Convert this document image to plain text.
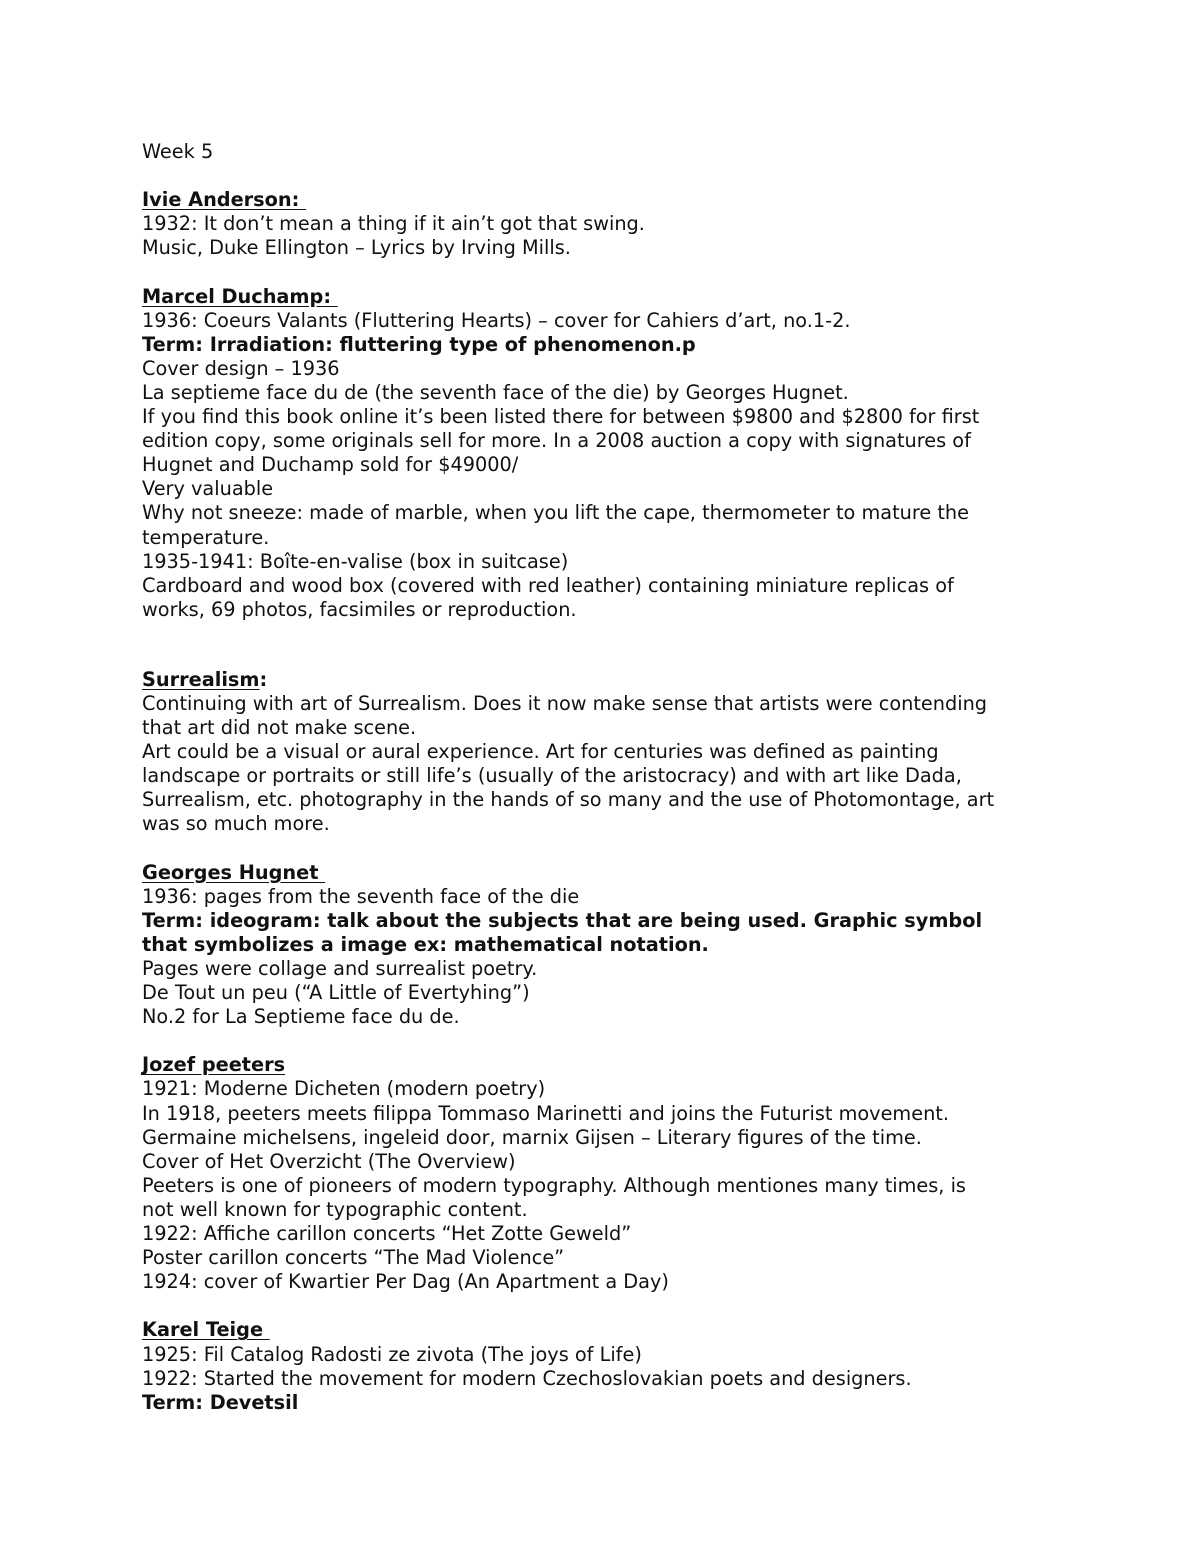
Week 5

Ivie Anderson:

1932: It don’t mean a thing if it ain’t got that swing.

Music, Duke Ellington – Lyrics by Irving Mills.

Marcel Duchamp:

1936: Coeurs Valants (Fluttering Hearts) – cover for Cahiers d’art, no.1-2.

Term: Irradiation: fluttering type of phenomenon.p

Cover design – 1936

La septieme face du de (the seventh face of the die) by Georges Hugnet.

If you find this book online it’s been listed there for between $9800 and $2800 for first

edition copy, some originals sell for more. In a 2008 auction a copy with signatures of

Hugnet and Duchamp sold for $49000/

Very valuable

Why not sneeze: made of marble, when you lift the cape, thermometer to mature the

temperature.

1935-1941: Boîte-en-valise (box in suitcase)

Cardboard and wood box (covered with red leather) containing miniature replicas of

works, 69 photos, facsimiles or reproduction.

Surrealism:

Continuing with art of Surrealism. Does it now make sense that artists were contending

that art did not make scene.

Art could be a visual or aural experience. Art for centuries was defined as painting

landscape or portraits or still life’s (usually of the aristocracy) and with art like Dada,

Surrealism, etc. photography in the hands of so many and the use of Photomontage, art

was so much more.

Georges Hugnet

1936: pages from the seventh face of the die

Term: ideogram: talk about the subjects that are being used. Graphic symbol

that symbolizes a image ex: mathematical notation.

Pages were collage and surrealist poetry.

De Tout un peu (“A Little of Evertyhing”)

No.2 for La Septieme face du de.

Jozef peeters

1921: Moderne Dicheten (modern poetry)

In 1918, peeters meets filippa Tommaso Marinetti and joins the Futurist movement.

Germaine michelsens, ingeleid door, marnix Gijsen – Literary figures of the time.

Cover of Het Overzicht (The Overview)

Peeters is one of pioneers of modern typography. Although mentiones many times, is

not well known for typographic content.

1922: Affiche carillon concerts “Het Zotte Geweld”

Poster carillon concerts “The Mad Violence”

1924: cover of Kwartier Per Dag (An Apartment a Day)

Karel Teige

1925: Fil Catalog Radosti ze zivota (The joys of Life)

1922: Started the movement for modern Czechoslovakian poets and designers.

Term: Devetsil
